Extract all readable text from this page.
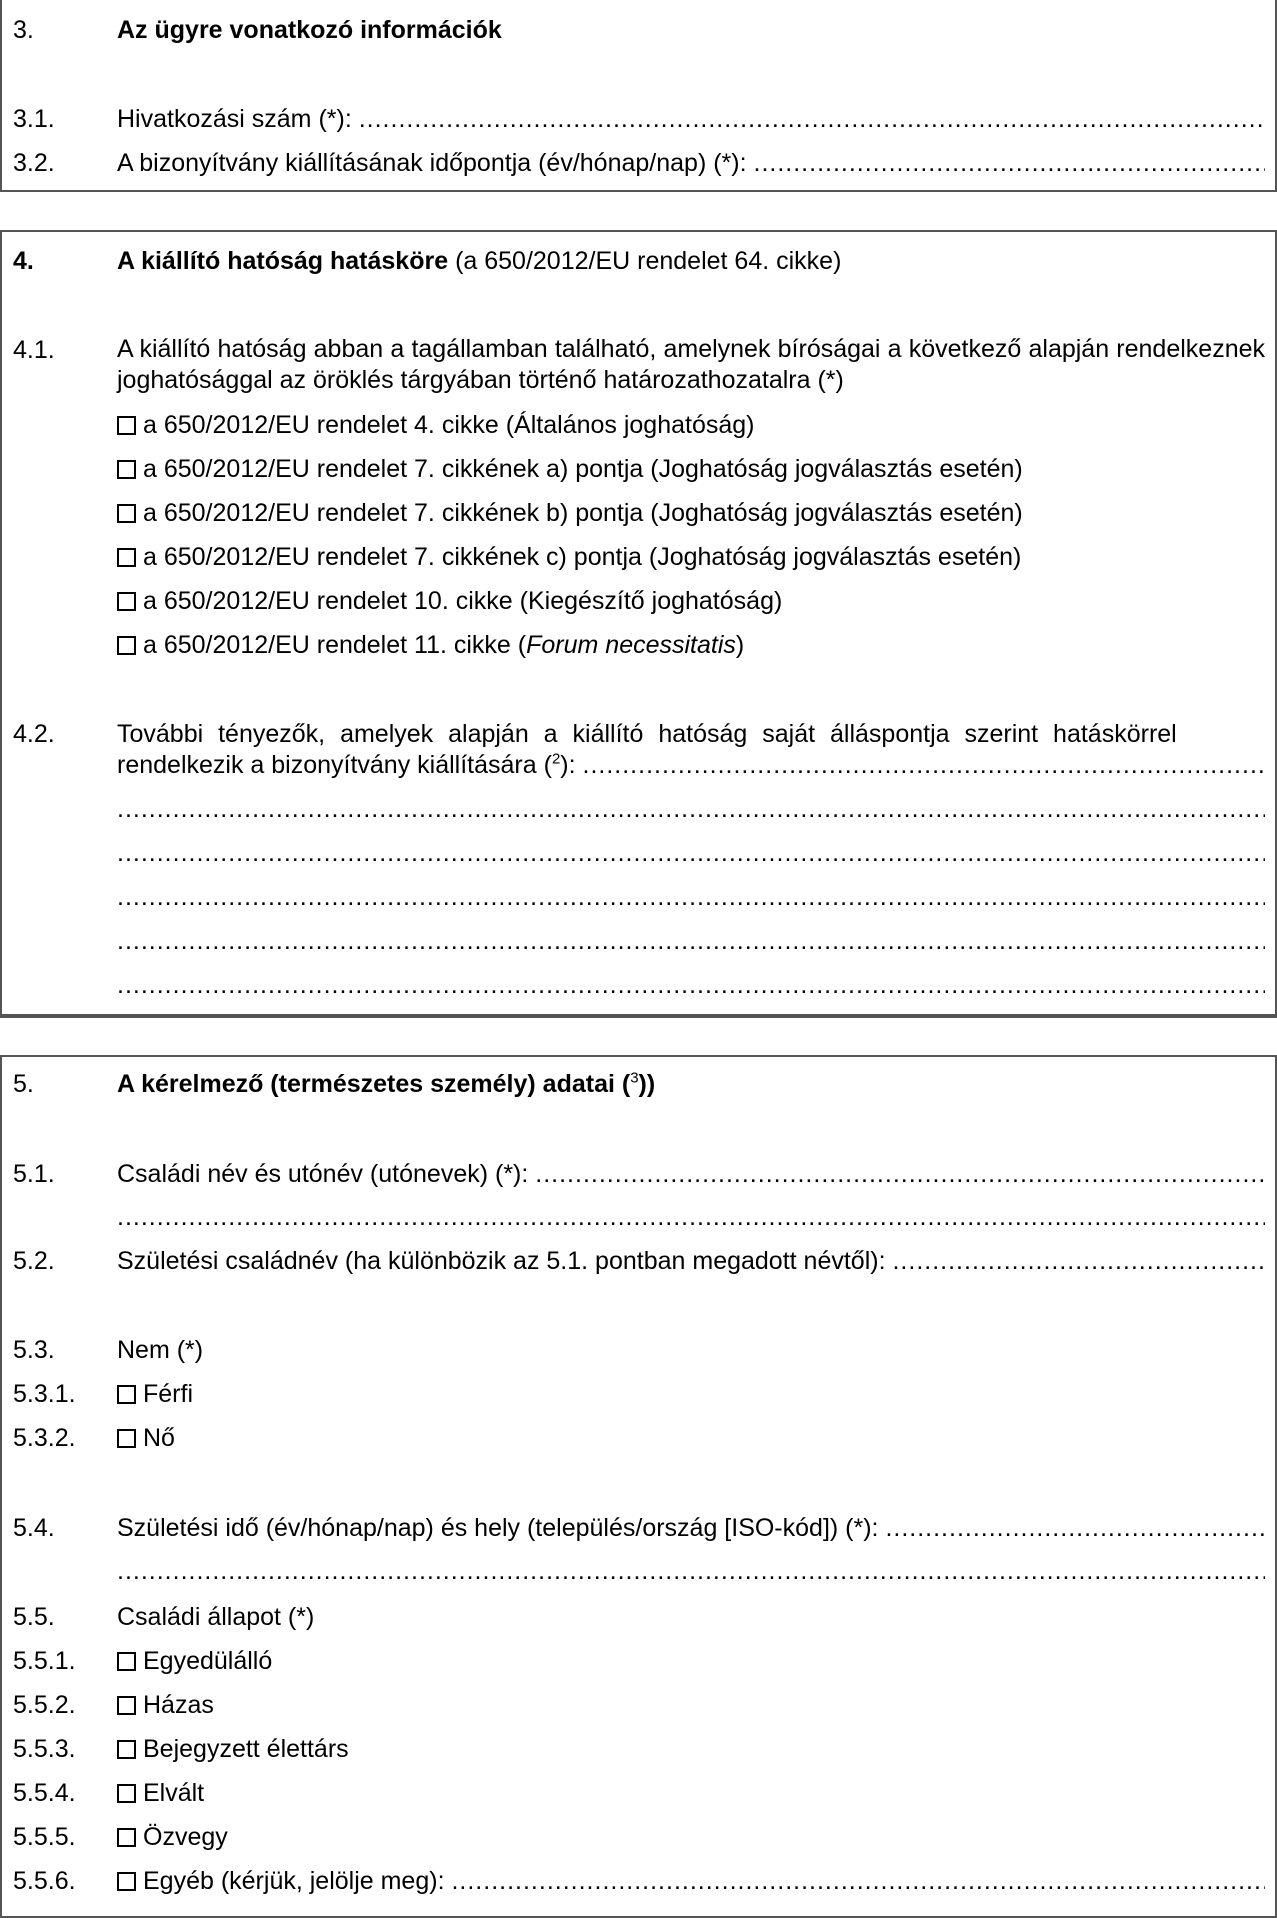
3.	Az ügyre vonatkozó információk
3.1. Hivatkozási szám (*):
.....
3.2. A bizonyítvány kiállításának időpontja (év/hónap/nap) (*):
.....
4.	A kiállító hatóság hatásköre (a 650/2012/EU rendelet 64. cikke)
4.1. A kiállító hatóság abban a tagállamban található, amelynek bíróságai a következő alapján rendelkeznek joghatósággal az öröklés tárgyában történő határozathozatalra (*)
a 650/2012/EU rendelet 4. cikke (Általános joghatóság)
a 650/2012/EU rendelet 7. cikkének a) pontja (Joghatóság jogválasztás esetén)
a 650/2012/EU rendelet 7. cikkének b) pontja (Joghatóság jogválasztás esetén)
a 650/2012/EU rendelet 7. cikkének c) pontja (Joghatóság jogválasztás esetén)
a 650/2012/EU rendelet 10. cikke (Kiegészítő joghatóság)
a 650/2012/EU rendelet 11. cikke (Forum necessitatis)
4.2. További tényezők, amelyek alapján a kiállító hatóság saját álláspontja szerint hatáskörrel
rendelkezik a bizonyítvány kiállítására ($^2$):
.....
.....
.....
.....
.....
.....
5.	A kérelmező (természetes személy) adatai ($^3$))
5.1. Családi név és utónév (utónevek) (*):
.....
.....
5.2. Születési családnév (ha különbözik az 5.1. pontban megadott névtől):
.....
5.3. Nem (*)
5.3.1.	Férfi
5.3.2.	Nő
5.4. Születési idő (év/hónap/nap) és hely (település/ország [ISO-kód]) (*):
.....
.....
5.5. Családi állapot (*)
5.5.1.	Egyedülálló
5.5.2.	Házas
5.5.3.	Bejegyzett élettárs
5.5.4.	Elvált
5.5.5.	Özvegy
5.5.6.	Egyéb (kérjük, jelölje meg):
.....
